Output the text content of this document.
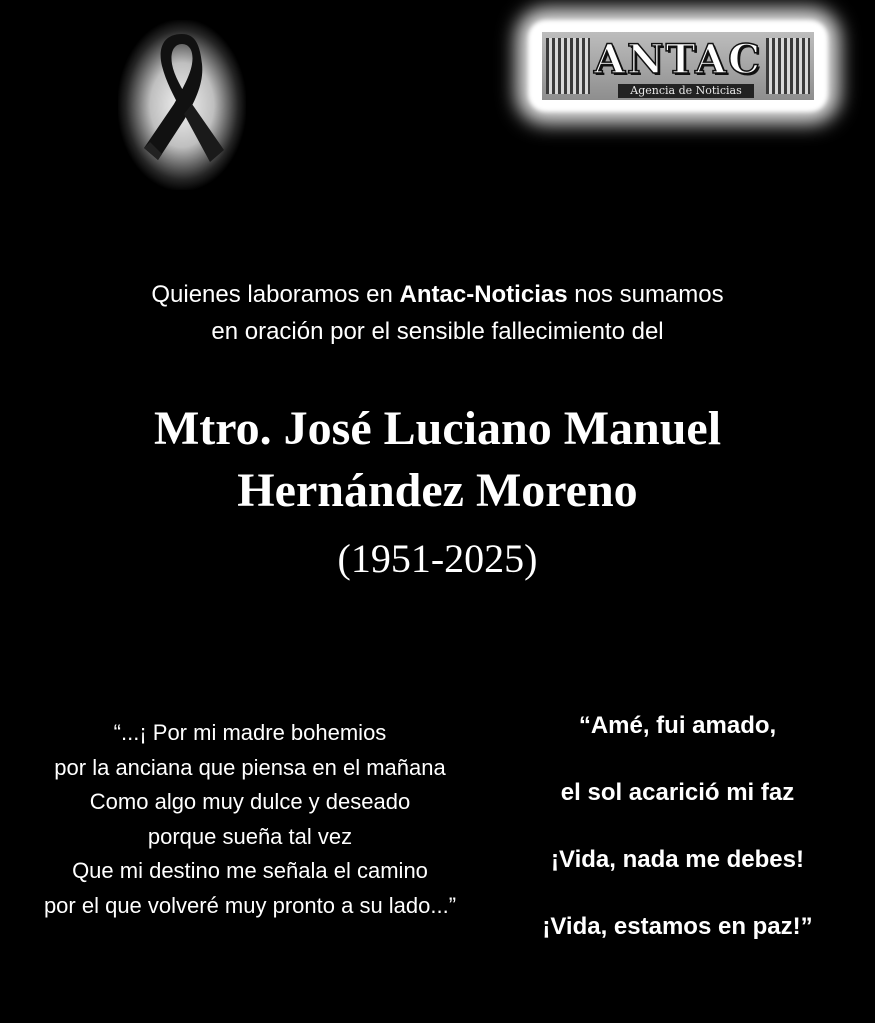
ANTAC
Agencia de Noticias
Quienes laboramos en Antac-Noticias nos sumamos
en oración por el sensible fallecimiento del
Mtro. José Luciano Manuel
Hernández Moreno
(1951-2025)
“...¡ Por mi madre bohemios
por la anciana que piensa en el mañana
Como algo muy dulce y deseado
porque sueña tal vez
Que mi destino me señala el camino
por el que volveré muy pronto a su lado...”
“Amé, fui amado,
el sol acarició mi faz
¡Vida, nada me debes!
¡Vida, estamos en paz!”
